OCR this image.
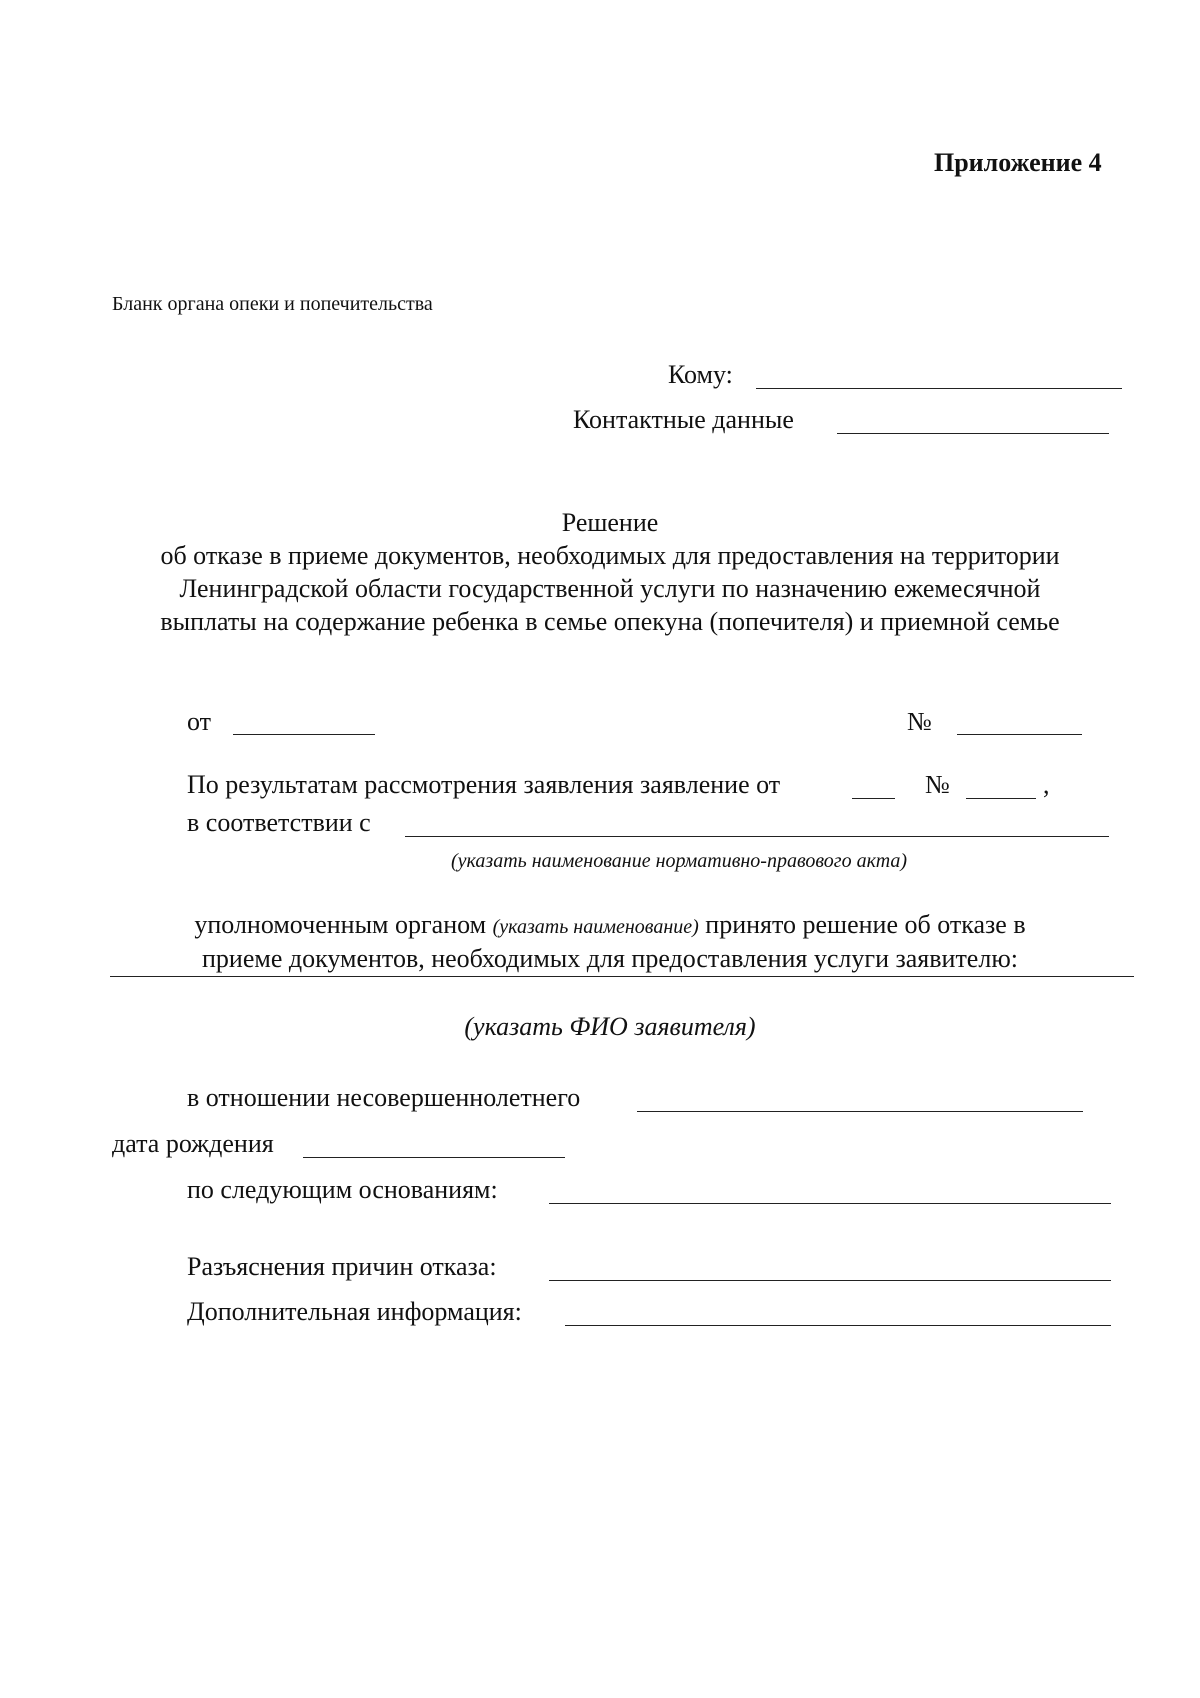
Приложение 4
Бланк органа опеки и попечительства
Кому:
Контактные данные
Решение
об отказе в приеме документов, необходимых для предоставления на территории
Ленинградской области государственной услуги по назначению ежемесячной
выплаты на содержание ребенка в семье опекуна (попечителя) и приемной семье
от	№
По результатам рассмотрения заявления заявление от	№	,
в соответствии с
(указать наименование нормативно-правового акта)
уполномоченным органом (указать наименование) принято решение об отказе в
приеме документов, необходимых для предоставления услуги заявителю:
(указать ФИО заявителя)
в отношении несовершеннолетнего
дата рождения
по следующим основаниям:
Разъяснения причин отказа:
Дополнительная информация:
